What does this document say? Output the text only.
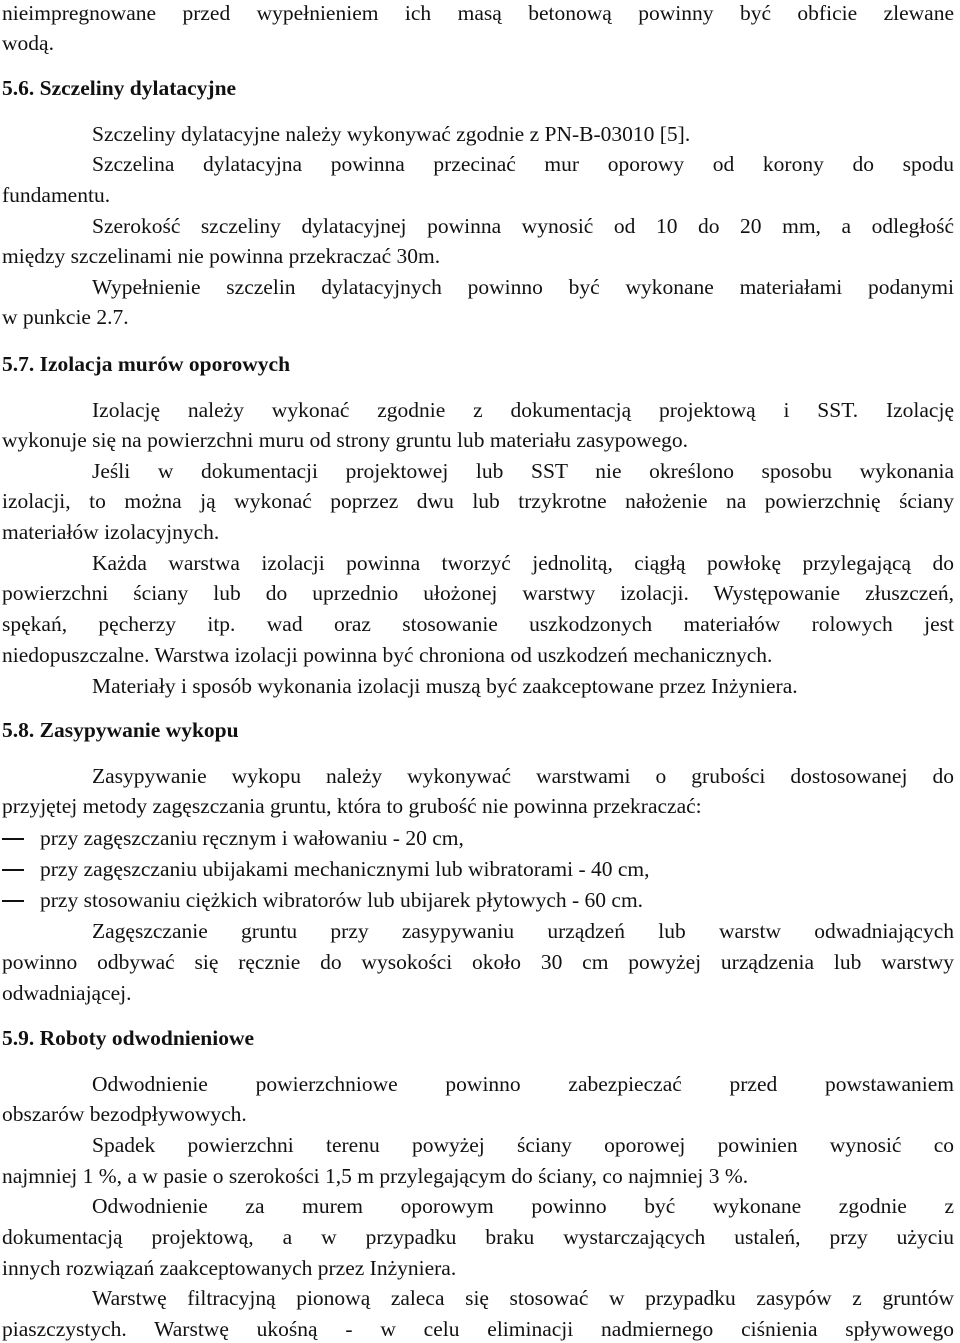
nieimpregnowane przed wypełnieniem ich masą betonową powinny być obficie zlewane
wodą.
5.6. Szczeliny dylatacyjne
Szczeliny dylatacyjne należy wykonywać zgodnie z PN-B-03010 [5].
Szczelina dylatacyjna powinna przecinać mur oporowy od korony do spodu
fundamentu.
Szerokość szczeliny dylatacyjnej powinna wynosić od 10 do 20 mm, a odległość
między szczelinami nie powinna przekraczać 30m.
Wypełnienie szczelin dylatacyjnych powinno być wykonane materiałami podanymi
w punkcie 2.7.
5.7. Izolacja murów oporowych
Izolację należy wykonać zgodnie z dokumentacją projektową i SST. Izolację
wykonuje się na powierzchni muru od strony gruntu lub materiału zasypowego.
Jeśli w dokumentacji projektowej lub SST nie określono sposobu wykonania
izolacji, to można ją wykonać poprzez dwu lub trzykrotne nałożenie na powierzchnię ściany
materiałów izolacyjnych.
Każda warstwa izolacji powinna tworzyć jednolitą, ciągłą powłokę przylegającą do
powierzchni ściany lub do uprzednio ułożonej warstwy izolacji. Występowanie złuszczeń,
spękań, pęcherzy itp. wad oraz stosowanie uszkodzonych materiałów rolowych jest
niedopuszczalne. Warstwa izolacji powinna być chroniona od uszkodzeń mechanicznych.
Materiały i sposób wykonania izolacji muszą być zaakceptowane przez Inżyniera.
5.8. Zasypywanie wykopu
Zasypywanie wykopu należy wykonywać warstwami o grubości dostosowanej do
przyjętej metody zagęszczania gruntu, która to grubość nie powinna przekraczać:
przy zagęszczaniu ręcznym i wałowaniu - 20 cm,
przy zagęszczaniu ubijakami mechanicznymi lub wibratorami - 40 cm,
przy stosowaniu ciężkich wibratorów lub ubijarek płytowych - 60 cm.
Zagęszczanie gruntu przy zasypywaniu urządzeń lub warstw odwadniających
powinno odbywać się ręcznie do wysokości około 30 cm powyżej urządzenia lub warstwy
odwadniającej.
5.9. Roboty odwodnieniowe
Odwodnienie powierzchniowe powinno zabezpieczać przed powstawaniem
obszarów bezodpływowych.
Spadek powierzchni terenu powyżej ściany oporowej powinien wynosić co
najmniej 1 %, a w pasie o szerokości 1,5 m przylegającym do ściany, co najmniej 3 %.
Odwodnienie za murem oporowym powinno być wykonane zgodnie z
dokumentacją projektową, a w przypadku braku wystarczających ustaleń, przy użyciu
innych rozwiązań zaakceptowanych przez Inżyniera.
Warstwę filtracyjną pionową zaleca się stosować w przypadku zasypów z gruntów
piaszczystych. Warstwę ukośną - w celu eliminacji nadmiernego ciśnienia spływowego
